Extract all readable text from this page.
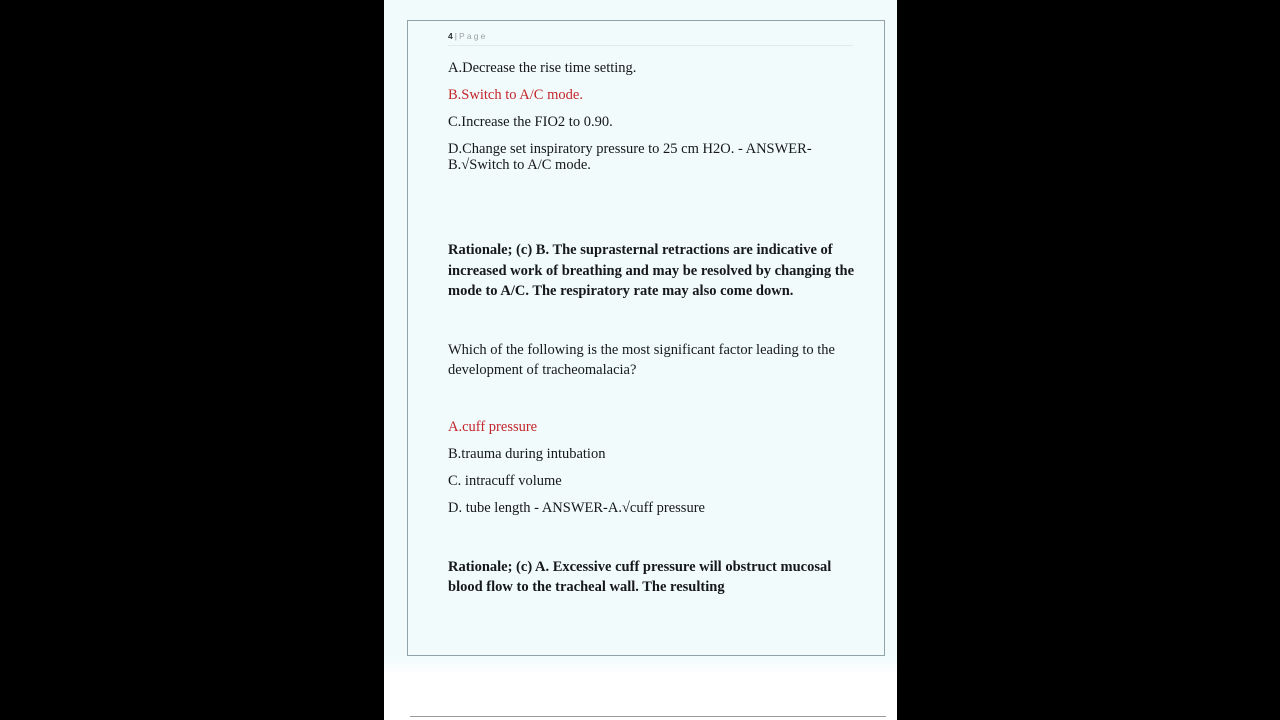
4 | Page

A.Decrease the rise time setting.

B.Switch to A/C mode.

C.Increase the FIO2 to 0.90.

D.Change set inspiratory pressure to 25 cm H2O. - ANSWER-

B.√Switch to A/C mode.

Rationale; (c) B. The suprasternal retractions are indicative of increased work of breathing and may be resolved by changing the mode to A/C. The respiratory rate may also come down.

Which of the following is the most significant factor leading to the development of tracheomalacia?

A.cuff pressure

B.trauma during intubation

C. intracuff volume

D. tube length - ANSWER-A.√cuff pressure

Rationale; (c) A. Excessive cuff pressure will obstruct mucosal blood flow to the tracheal wall. The resulting
